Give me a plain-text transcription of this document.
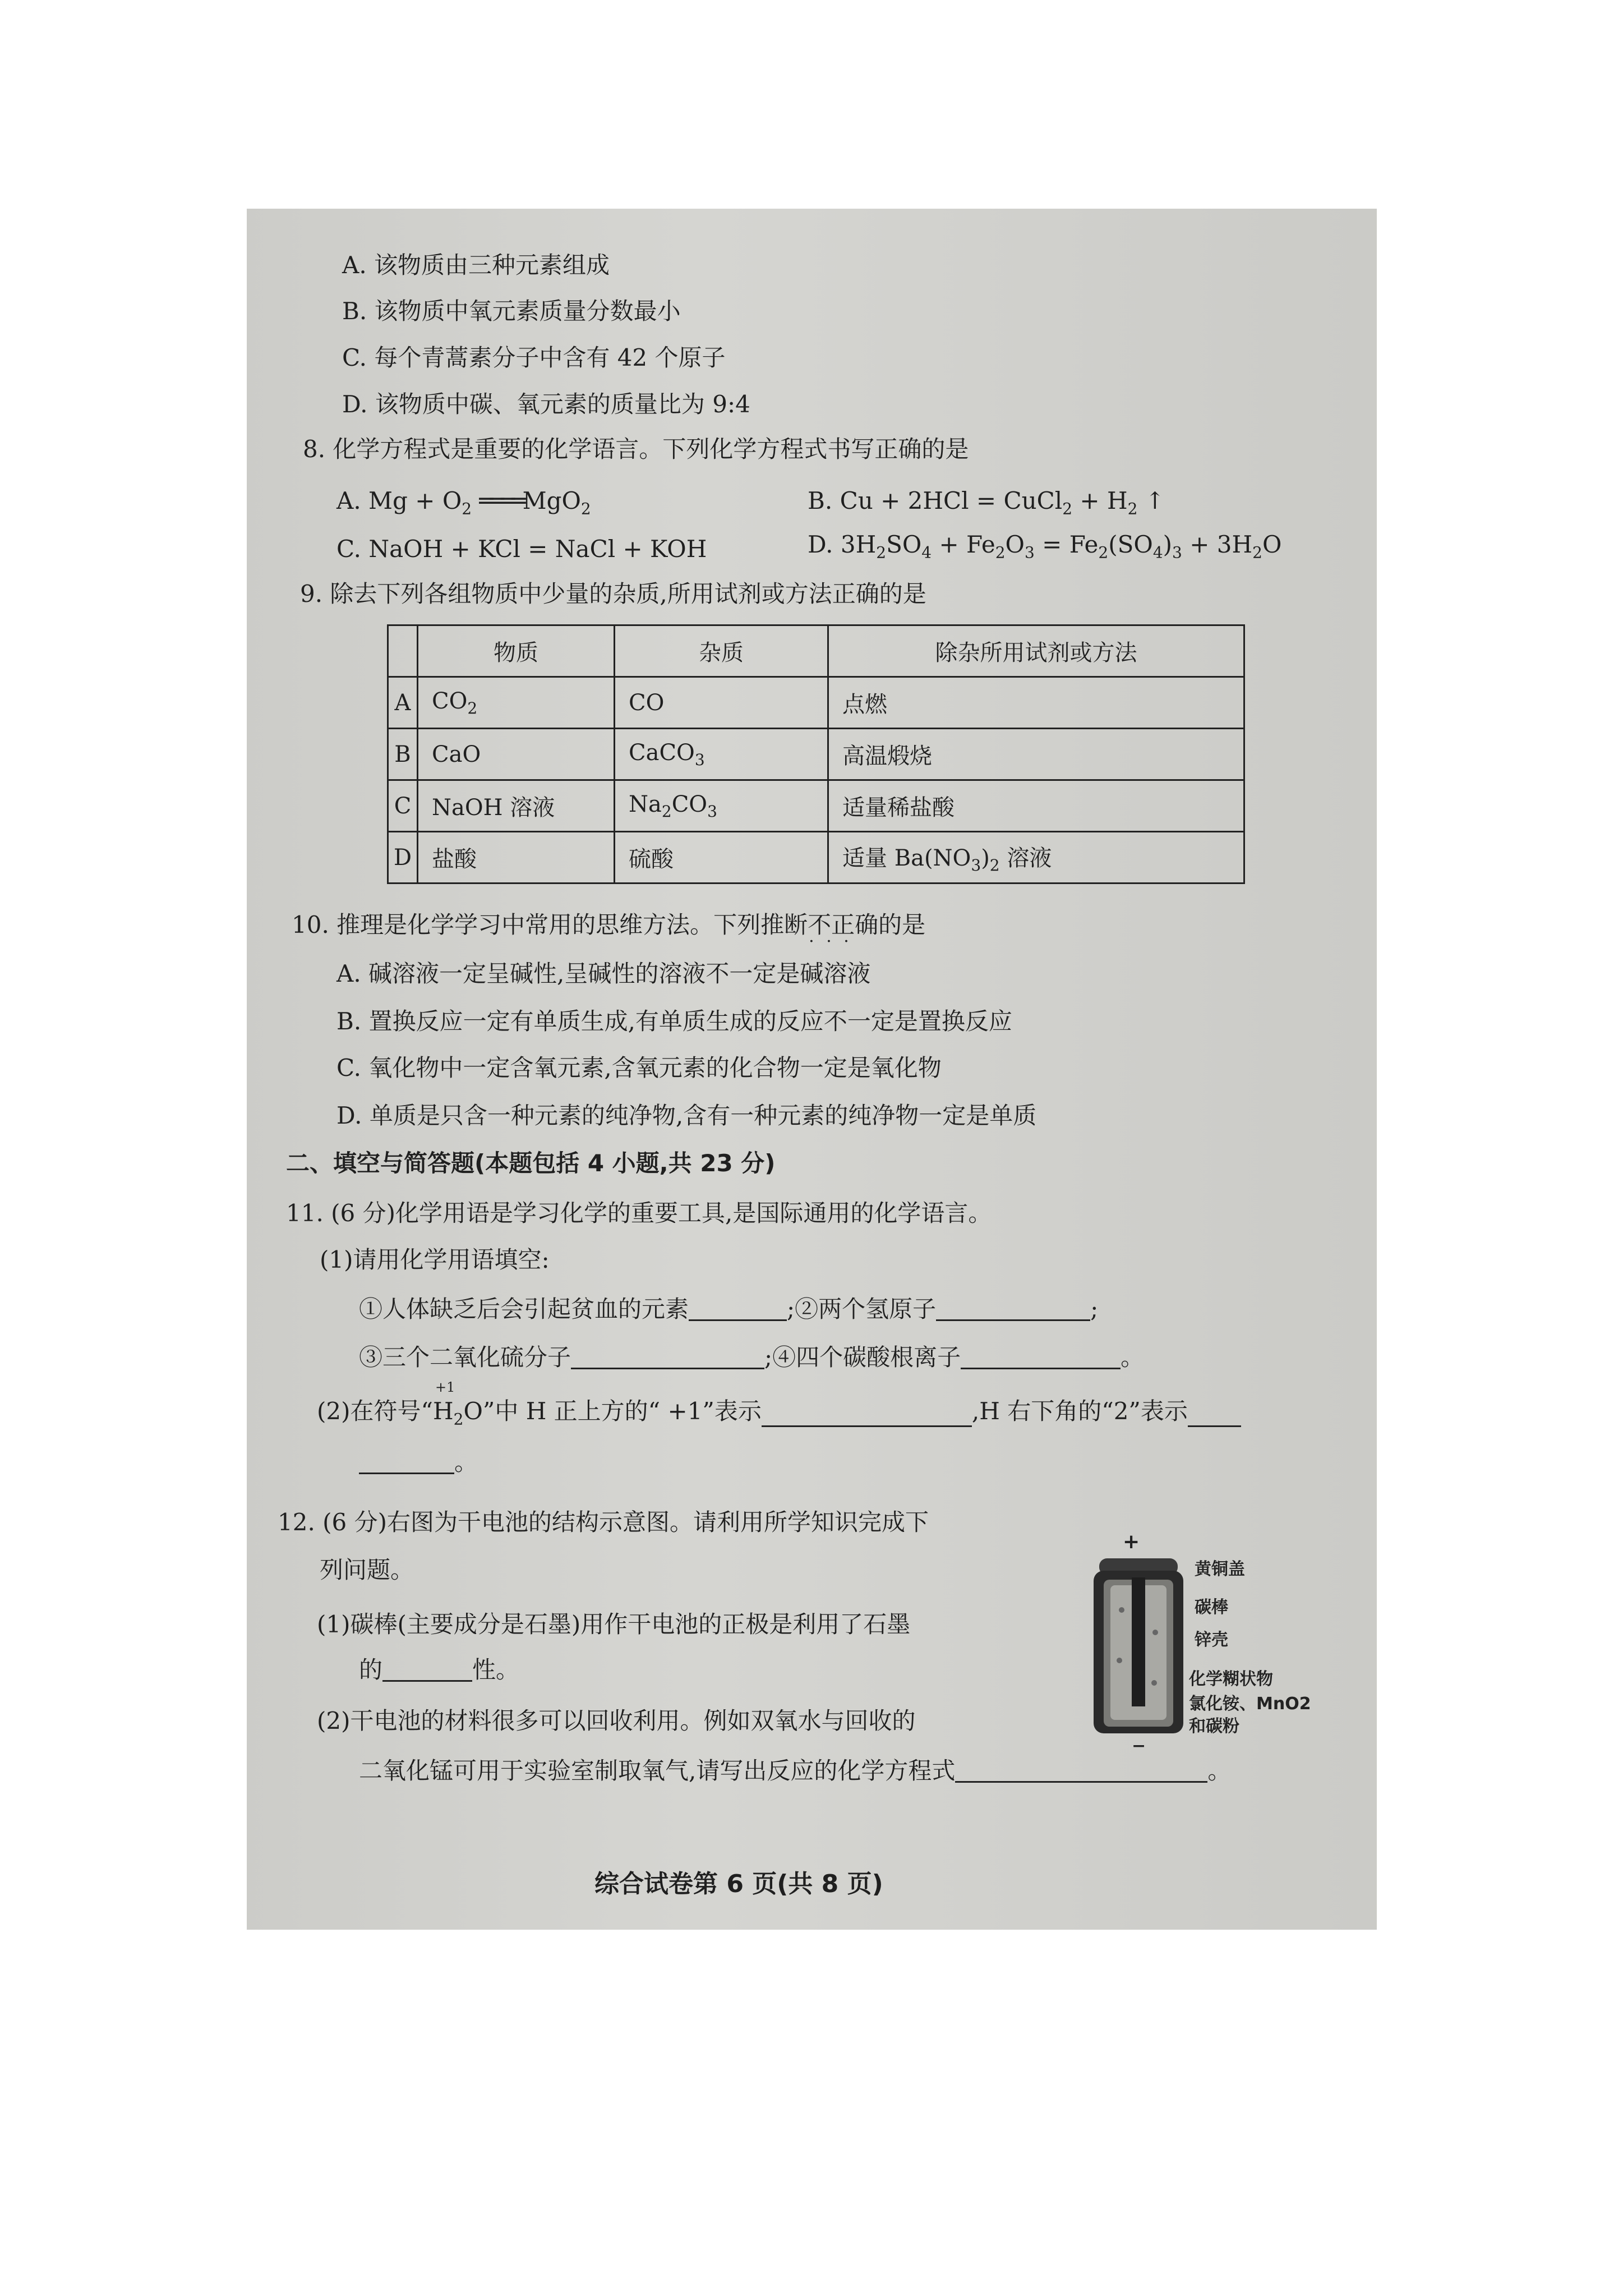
A. 该物质由三种元素组成
B. 该物质中氧元素质量分数最小
C. 每个青蒿素分子中含有 42 个原子
D. 该物质中碳、氧元素的质量比为 9:4
8. 化学方程式是重要的化学语言。下列化学方程式书写正确的是
A. $Mg + O_2$ ════MgO$_2$	B. Cu + 2HCl = CuCl$_2$ + $H_2$ ↑
C. NaOH + KCl = NaCl + KOH	D. $3H_2SO_4 + Fe_2O_3 = Fe_2(SO_4)_3 + 3H_2O$
9. 除去下列各组物质中少量的杂质,所用试剂或方法正确的是
	物质	杂质	除杂所用试剂或方法
A	$CO_2$	CO	点燃
B	CaO	CaCO$_3$	高温煅烧
C	NaOH 溶液	$Na_2CO_3$	适量稀盐酸
D	盐酸	硫酸	适量 $Ba(NO_3)_2$ 溶液
10. 推理是化学学习中常用的思维方法。下列推断不正确 · · ·的是
A. 碱溶液一定呈碱性,呈碱性的溶液不一定是碱溶液
B. 置换反应一定有单质生成,有单质生成的反应不一定是置换反应
C. 氧化物中一定含氧元素,含氧元素的化合物一定是氧化物
D. 单质是只含一种元素的纯净物,含有一种元素的纯净物一定是单质
二、填空与简答题(本题包括 4 小题,共 23 分)
11. (6 分)化学用语是学习化学的重要工具,是国际通用的化学语言。
(1)请用化学用语填空:
①人体缺乏后会引起贫血的元素	;②两个氢原子	;
③三个二氧化硫分子	;④四个碳酸根离子	。
(2)在符号“$H_2O$
+1
”中 H 正上方的“ +1”表示	,H 右下角的“2”表示
。
12. (6 分)右图为干电池的结构示意图。请利用所学知识完成下
列问题。
(1)碳棒(主要成分是石墨)用作干电池的正极是利用了石墨
的	性。
(2)干电池的材料很多可以回收利用。例如双氧水与回收的
二氧化锰可用于实验室制取氧气,请写出反应的化学方程式	。
+
−
黄铜盖
碳棒
锌壳
化学糊状物
氯化铵、MnO2
和碳粉
综合试卷第 6 页(共 8 页)
